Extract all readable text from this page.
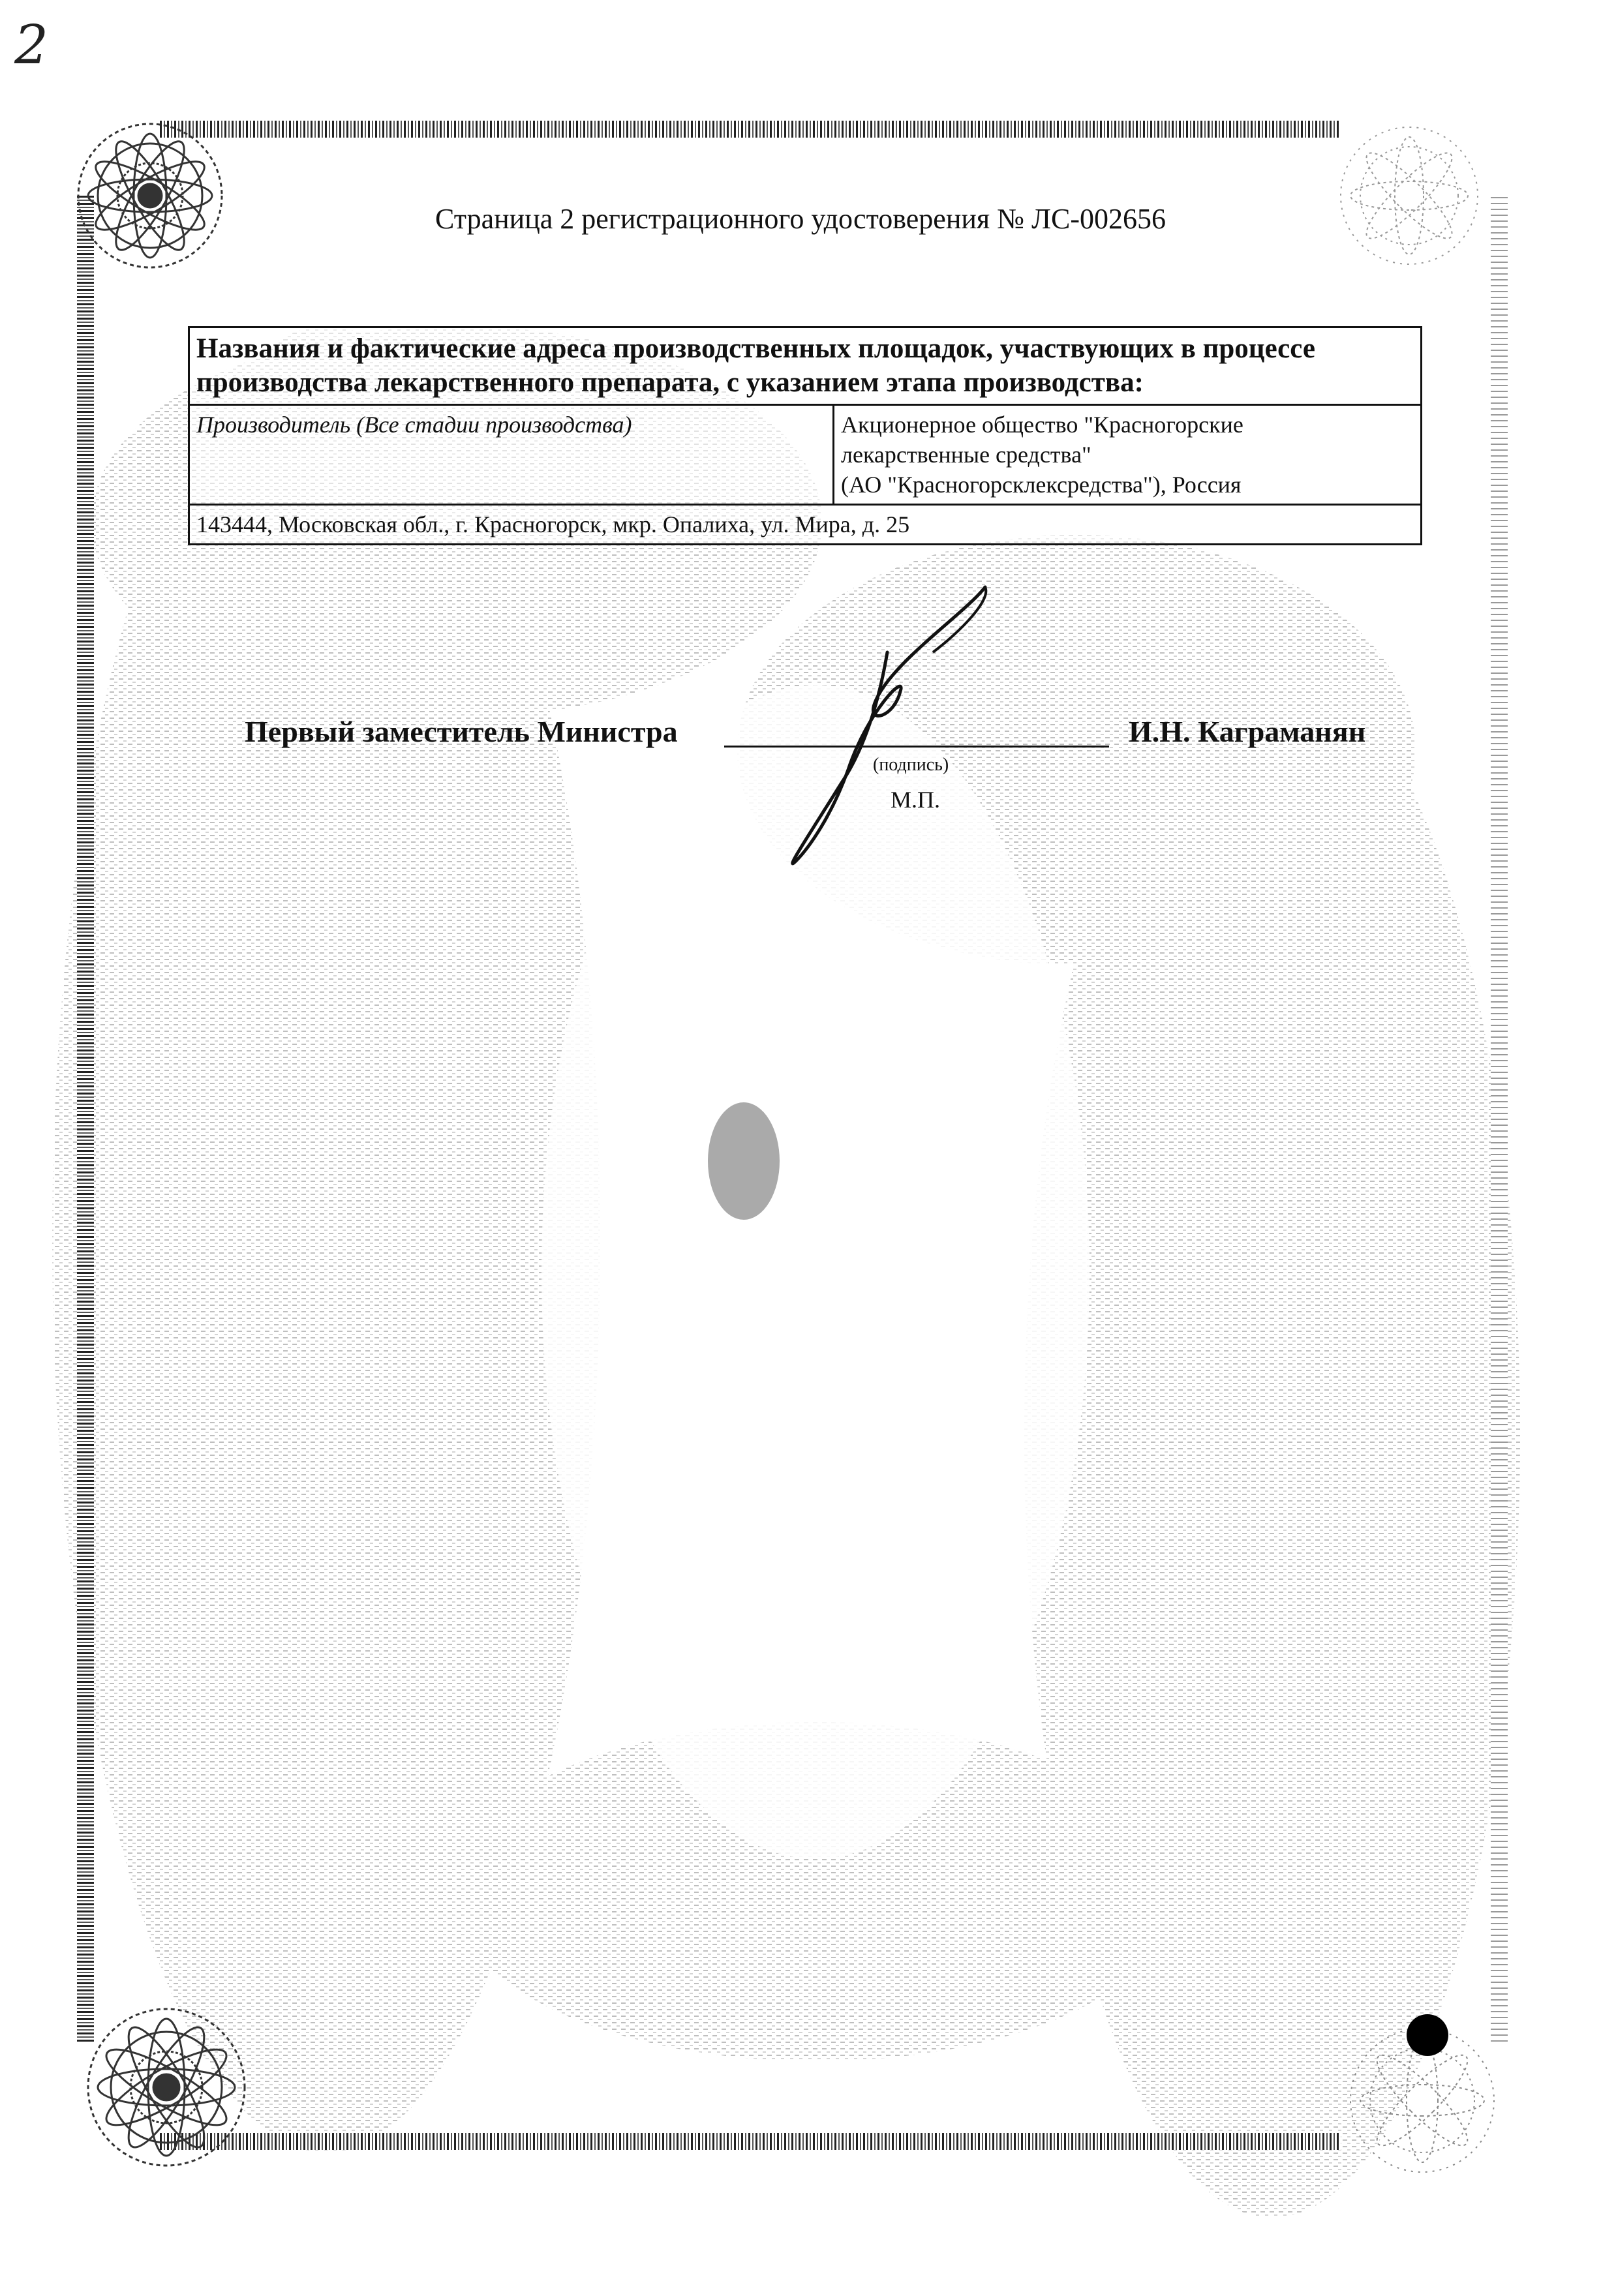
2
Страница 2 регистрационного удостоверения № ЛС-002656
Названия и фактические адреса производственных площадок, участвующих в процессе производства лекарственного препарата, с указанием этапа производства:
Производитель (Все стадии производства)	Акционерное общество "Красногорские
лекарственные средства"
(АО "Красногорсклексредства"), Россия

143444, Московская обл., г. Красногорск, мкр. Опалиха, ул. Мира, д. 25
Первый заместитель Министра
(подпись)
М.П.
И.Н. Каграманян
